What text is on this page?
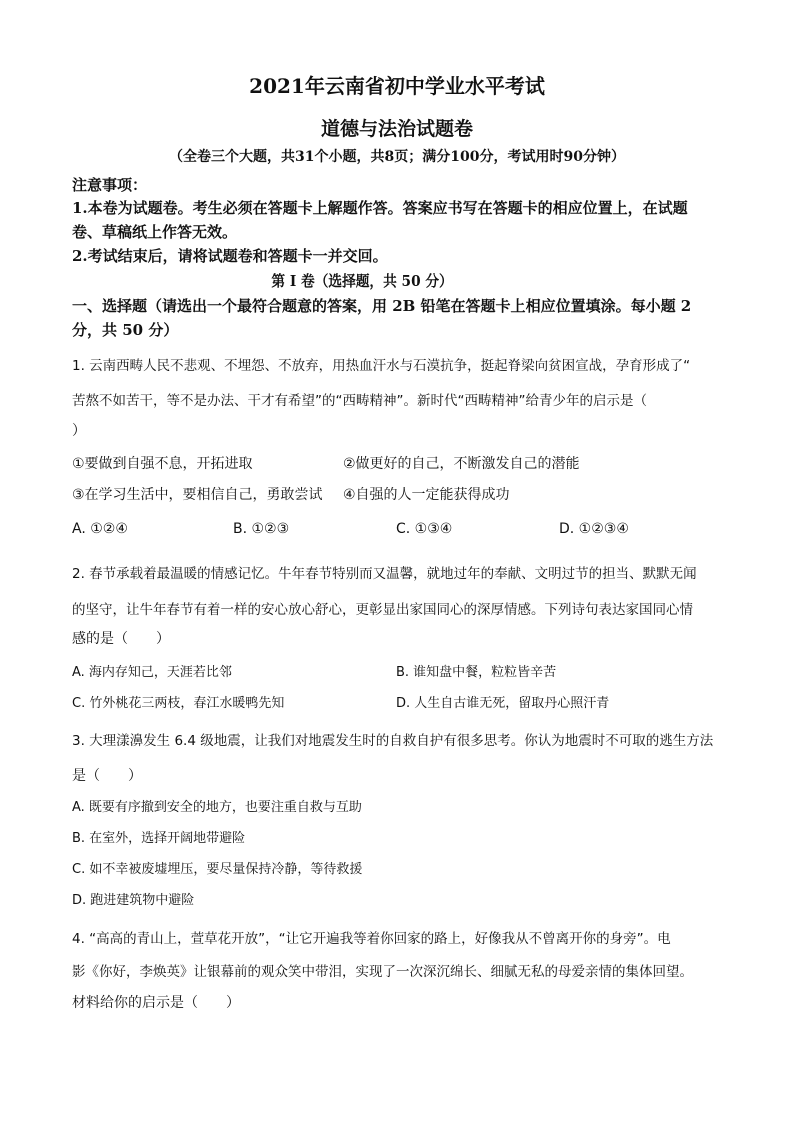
2021年云南省初中学业水平考试
道德与法治试题卷
（全卷三个大题，共31个小题，共8页；满分100分，考试用时90分钟）
注意事项：
1.本卷为试题卷。考生必须在答题卡上解题作答。答案应书写在答题卡的相应位置上，在试题
卷、草稿纸上作答无效。
2.考试结束后，请将试题卷和答题卡一并交回。
第 I 卷（选择题，共 50 分）
一、选择题（请选出一个最符合题意的答案，用 2B 铅笔在答题卡上相应位置填涂。每小题 2
分，共 50 分）
1. 云南西畴人民不悲观、不埋怨、不放弃，用热血汗水与石漠抗争，挺起脊梁向贫困宣战，孕育形成了“
苦熬不如苦干，等不是办法、干才有希望”的“西畴精神”。新时代“西畴精神”给青少年的启示是（
）
①要做到自强不息，开拓进取	②做更好的自己，不断激发自己的潜能
③在学习生活中，要相信自己，勇敢尝试 ④自强的人一定能获得成功
A. ①②④	B. ①②③	C. ①③④	D. ①②③④
2. 春节承载着最温暖的情感记忆。牛年春节特别而又温馨，就地过年的奉献、文明过节的担当、默默无闻
的坚守，让牛年春节有着一样的安心放心舒心，更彰显出家国同心的深厚情感。下列诗句表达家国同心情
感的是（　　）
A. 海内存知己，天涯若比邻	B. 谁知盘中餐，粒粒皆辛苦
C. 竹外桃花三两枝，春江水暖鸭先知	D. 人生自古谁无死，留取丹心照汗青
3. 大理漾濞发生 6.4 级地震，让我们对地震发生时的自救自护有很多思考。你认为地震时不可取的逃生方法
是（　　）
A. 既要有序撤到安全的地方，也要注重自救与互助
B. 在室外，选择开阔地带避险
C. 如不幸被废墟埋压，要尽量保持冷静，等待救援
D. 跑进建筑物中避险
4. “高高的青山上，萱草花开放”，“让它开遍我等着你回家的路上，好像我从不曾离开你的身旁”。电
影《你好，李焕英》让银幕前的观众笑中带泪，实现了一次深沉绵长、细腻无私的母爱亲情的集体回望。
材料给你的启示是（　　）
